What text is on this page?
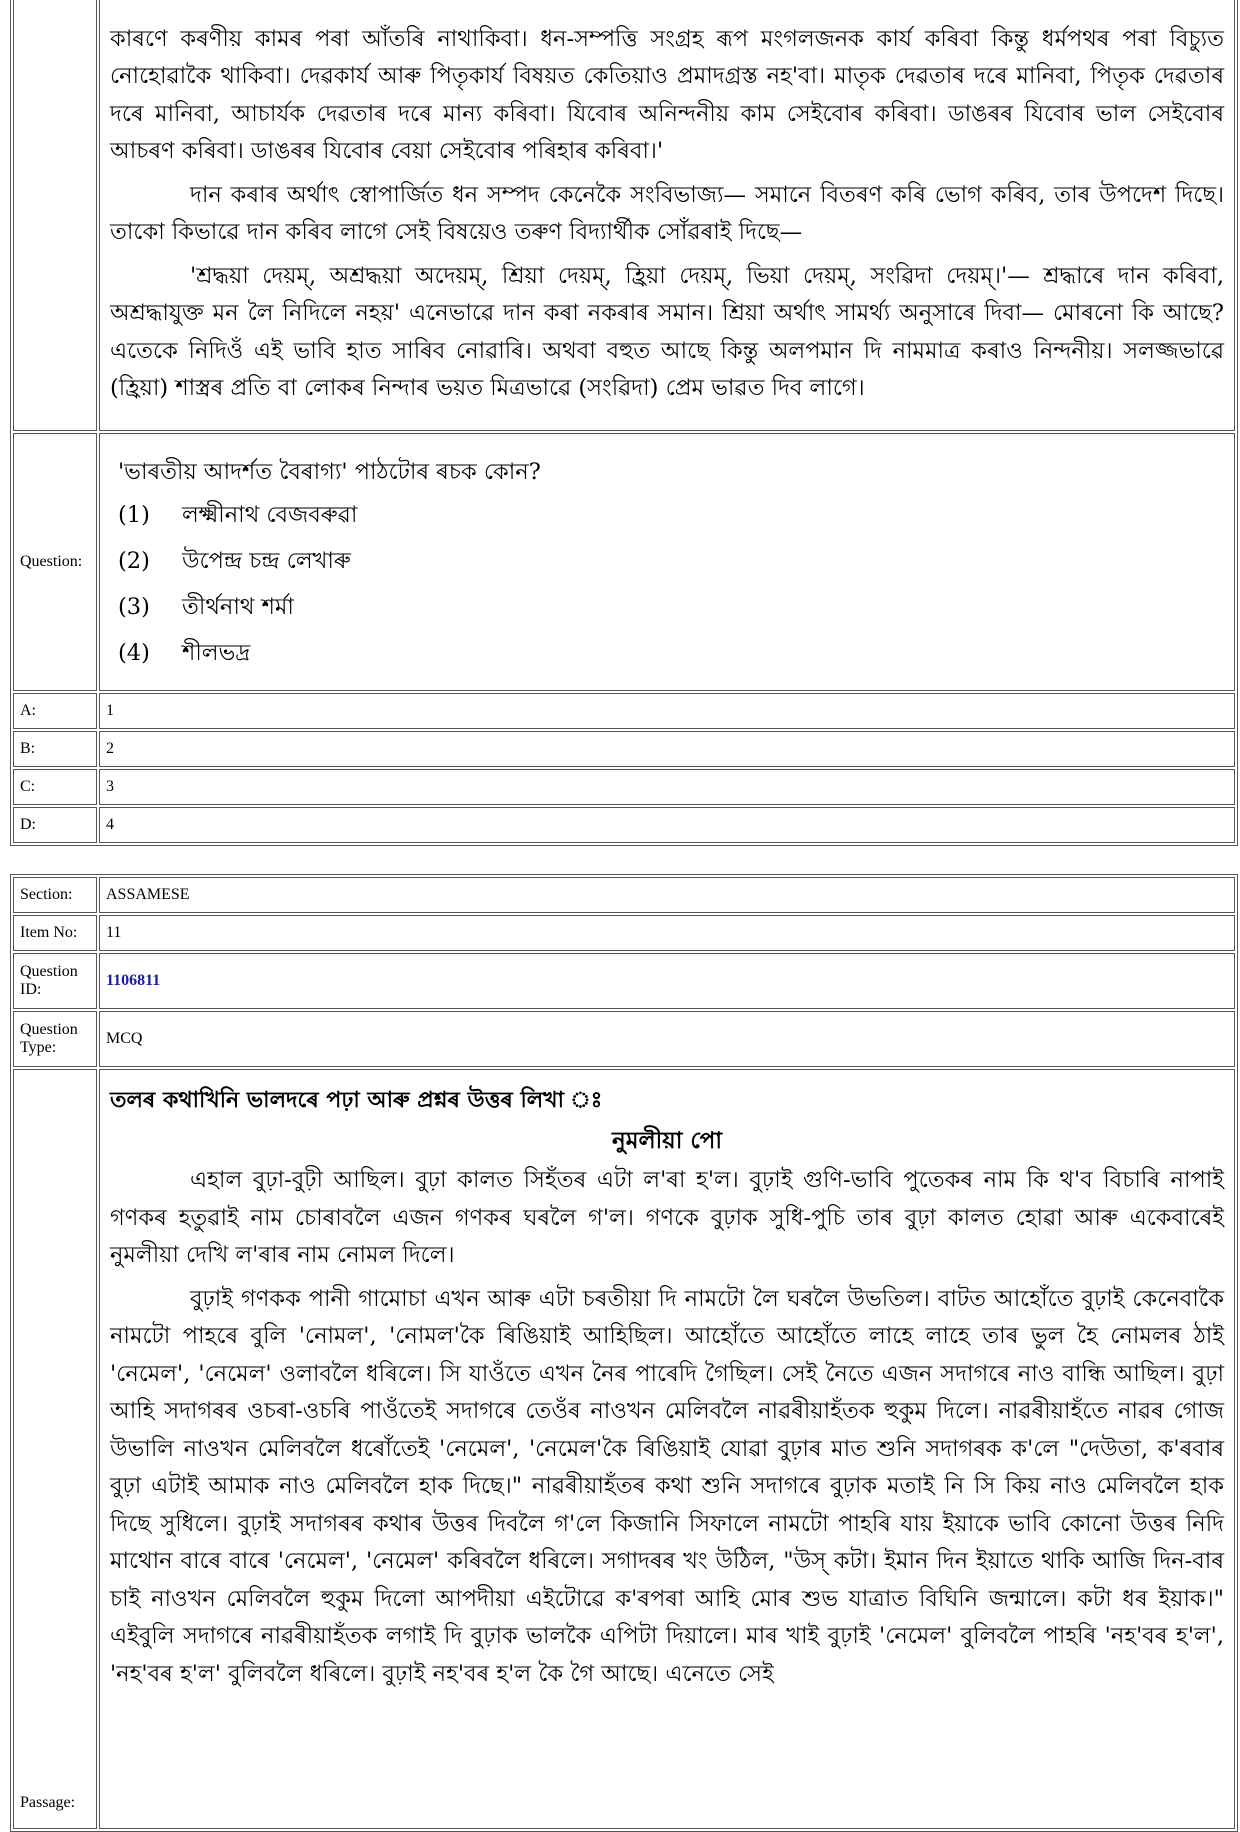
	কাৰণে কৰণীয় কামৰ পৰা আঁতৰি নাথাকিবা। ধন-সম্পত্তি সংগ্ৰহ ৰূপ মংগলজনক কাৰ্য কৰিবা কিন্তু ধৰ্মপথৰ পৰা বিচ্যুত নোহোৱাকৈ থাকিবা। দেৱকাৰ্য আৰু পিতৃকাৰ্য বিষয়ত কেতিয়াও প্ৰমাদগ্ৰস্ত নহ'বা। মাতৃক দেৱতাৰ দৰে মানিবা, পিতৃক দেৱতাৰ দৰে মানিবা, আচাৰ্যক দেৱতাৰ দৰে মান্য কৰিবা। যিবোৰ অনিন্দনীয় কাম সেইবোৰ কৰিবা। ডাঙৰৰ যিবোৰ ভাল সেইবোৰ আচৰণ কৰিবা। ডাঙৰৰ যিবোৰ বেয়া সেইবোৰ পৰিহাৰ কৰিবা।'

দান কৰাৰ অৰ্থাৎ স্বোপাৰ্জিত ধন সম্পদ কেনেকৈ সংবিভাজ্য— সমানে বিতৰণ কৰি ভোগ কৰিব, তাৰ উপদেশ দিছে। তাকো কিভাৱে দান কৰিব লাগে সেই বিষয়েও তৰুণ বিদ্যাৰ্থীক সোঁৱৰাই দিছে—

'শ্ৰদ্ধয়া দেয়ম্, অশ্ৰদ্ধয়া অদেয়ম্, শ্ৰিয়া দেয়ম্, হ্ৰিয়া দেয়ম্, ভিয়া দেয়ম্, সংৱিদা দেয়ম্।'— শ্ৰদ্ধাৰে দান কৰিবা, অশ্ৰদ্ধাযুক্ত মন লৈ নিদিলে নহয়' এনেভাৱে দান কৰা নকৰাৰ সমান। শ্ৰিয়া অৰ্থাৎ সামৰ্থ্য অনুসাৰে দিবা— মোৰনো কি আছে? এতেকে নিদিওঁ এই ভাবি হাত সাৰিব নোৱাৰি। অথবা বহুত আছে কিন্তু অলপমান দি নামমাত্ৰ কৰাও নিন্দনীয়। সলজ্জভাৱে (হ্ৰিয়া) শাস্ত্ৰৰ প্ৰতি বা লোকৰ নিন্দাৰ ভয়ত মিত্ৰভাৱে (সংৱিদা) প্ৰেম ভাৱত দিব লাগে।

Question:	'ভাৰতীয় আদৰ্শত বৈৰাগ্য' পাঠটোৰ ৰচক কোন?
(1) লক্ষ্মীনাথ বেজবৰুৱা
(2) উপেন্দ্ৰ চন্দ্ৰ লেখাৰু
(3) তীৰ্থনাথ শৰ্মা
(4) শীলভদ্ৰ

A:	1
B:	2
C:	3
D:	4
Section:	ASSAMESE
Item No:	11
Question ID:	1106811
Question Type:	MCQ
Passage:	তলৰ কথাখিনি ভালদৰে পঢ়া আৰু প্ৰশ্নৰ উত্তৰ লিখা ঃ
নুমলীয়া পো

এহাল বুঢ়া-বুঢ়ী আছিল। বুঢ়া কালত সিহঁতৰ এটা ল'ৰা হ'ল। বুঢ়াই গুণি-ভাবি পুতেকৰ নাম কি থ'ব বিচাৰি নাপাই গণকৰ হতুৱাই নাম চোৰাবলৈ এজন গণকৰ ঘৰলৈ গ'ল। গণকে বুঢ়াক সুধি-পুচি তাৰ বুঢ়া কালত হোৱা আৰু একেবাৰেই নুমলীয়া দেখি ল'ৰাৰ নাম নোমল দিলে।

বুঢ়াই গণকক পানী গামোচা এখন আৰু এটা চৰতীয়া দি নামটো লৈ ঘৰলৈ উভতিল। বাটত আহোঁতে বুঢ়াই কেনেবাকৈ নামটো পাহৰে বুলি 'নোমল', 'নোমল'কৈ ৰিঙিয়াই আহিছিল। আহোঁতে আহোঁতে লাহে লাহে তাৰ ভুল হৈ নোমলৰ ঠাই 'নেমেল', 'নেমেল' ওলাবলৈ ধৰিলে। সি যাওঁতে এখন নৈৰ পাৰেদি গৈছিল। সেই নৈতে এজন সদাগৰে নাও বান্ধি আছিল। বুঢ়া আহি সদাগৰৰ ওচৰা-ওচৰি পাওঁতেই সদাগৰে তেওঁৰ নাওখন মেলিবলৈ নাৱৰীয়াহঁতক হুকুম দিলে। নাৱৰীয়াহঁতে নাৱৰ গোজ উভালি নাওখন মেলিবলৈ ধৰোঁতেই 'নেমেল', 'নেমেল'কৈ ৰিঙিয়াই যোৱা বুঢ়াৰ মাত শুনি সদাগৰক ক'লে "দেউতা, ক'ৰবাৰ বুঢ়া এটাই আমাক নাও মেলিবলৈ হাক দিছে।" নাৱৰীয়াহঁতৰ কথা শুনি সদাগৰে বুঢ়াক মতাই নি সি কিয় নাও মেলিবলৈ হাক দিছে সুধিলে। বুঢ়াই সদাগৰৰ কথাৰ উত্তৰ দিবলৈ গ'লে কিজানি সিফালে নামটো পাহৰি যায় ইয়াকে ভাবি কোনো উত্তৰ নিদি মাথোন বাৰে বাৰে 'নেমেল', 'নেমেল' কৰিবলৈ ধৰিলে। সগাদৰৰ খং উঠিল, "উস্ কটা। ইমান দিন ইয়াতে থাকি আজি দিন-বাৰ চাই নাওখন মেলিবলৈ হুকুম দিলো আপদীয়া এইটোৱে ক'ৰপৰা আহি মোৰ শুভ যাত্ৰাত বিঘিনি জন্মালে। কটা ধৰ ইয়াক।" এইবুলি সদাগৰে নাৱৰীয়াহঁতক লগাই দি বুঢ়াক ভালকৈ এপিটা দিয়ালে। মাৰ খাই বুঢ়াই 'নেমেল' বুলিবলৈ পাহৰি 'নহ'বৰ হ'ল', 'নহ'বৰ হ'ল' বুলিবলৈ ধৰিলে। বুঢ়াই নহ'বৰ হ'ল কৈ গৈ আছে। এনেতে সেই
